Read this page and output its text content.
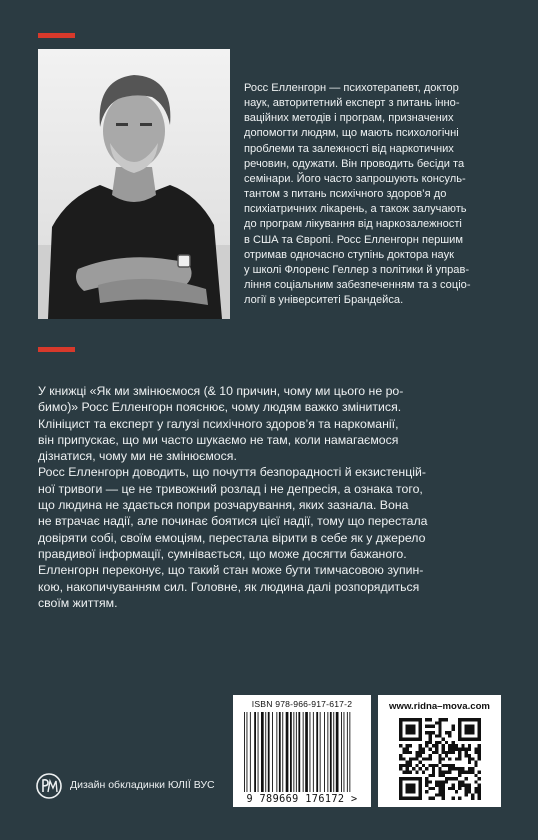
Росс Елленгорн — психотерапевт, доктор
наук, авторитетний експерт з питань інно-
ваційних методів і програм, призначених
допомогти людям, що мають психологічні
проблеми та залежності від наркотичних
речовин, одужати. Він проводить бесіди та
семінари. Його часто запрошують консуль-
тантом з питань психічного здоров’я до
психіатричних лікарень, а також залучають
до програм лікування від наркозалежності
в США та Європі. Росс Елленгорн першим
отримав одночасно ступінь доктора наук
у школі Флоренс Геллер з політики й управ-
ління соціальним забезпеченням та з соціо-
логії в університеті Брандейса.

У книжці «Як ми змінюємося (& 10 причин, чому ми цього не ро-
бимо)» Росс Елленгорн пояснює, чому людям важко змінитися.
Клініцист та експерт у галузі психічного здоров’я та наркоманії,
він припускає, що ми часто шукаємо не там, коли намагаємося
дізнатися, чому ми не змінюємося.
Росс Елленгорн доводить, що почуття безпорадності й екзистенцій-
ної тривоги — це не тривожний розлад і не депресія, а ознака того,
що людина не здається попри розчарування, яких зазнала. Вона
не втрачає надії, але починає боятися цієї надії, тому що перестала
довіряти собі, своїм емоціям, перестала вірити в себе як у джерело
правдивої інформації, сумнівається, що може досягти бажаного.
Елленгорн переконує, що такий стан може бути тимчасовою зупин-
кою, накопичуванням сил. Головне, як людина далі розпорядиться
своїм життям.

ISBN 978-966-917-617-2
9 789669 176172 >
www.ridna–mova.com
Дизайн обкладинки ЮЛІЇ ВУС
